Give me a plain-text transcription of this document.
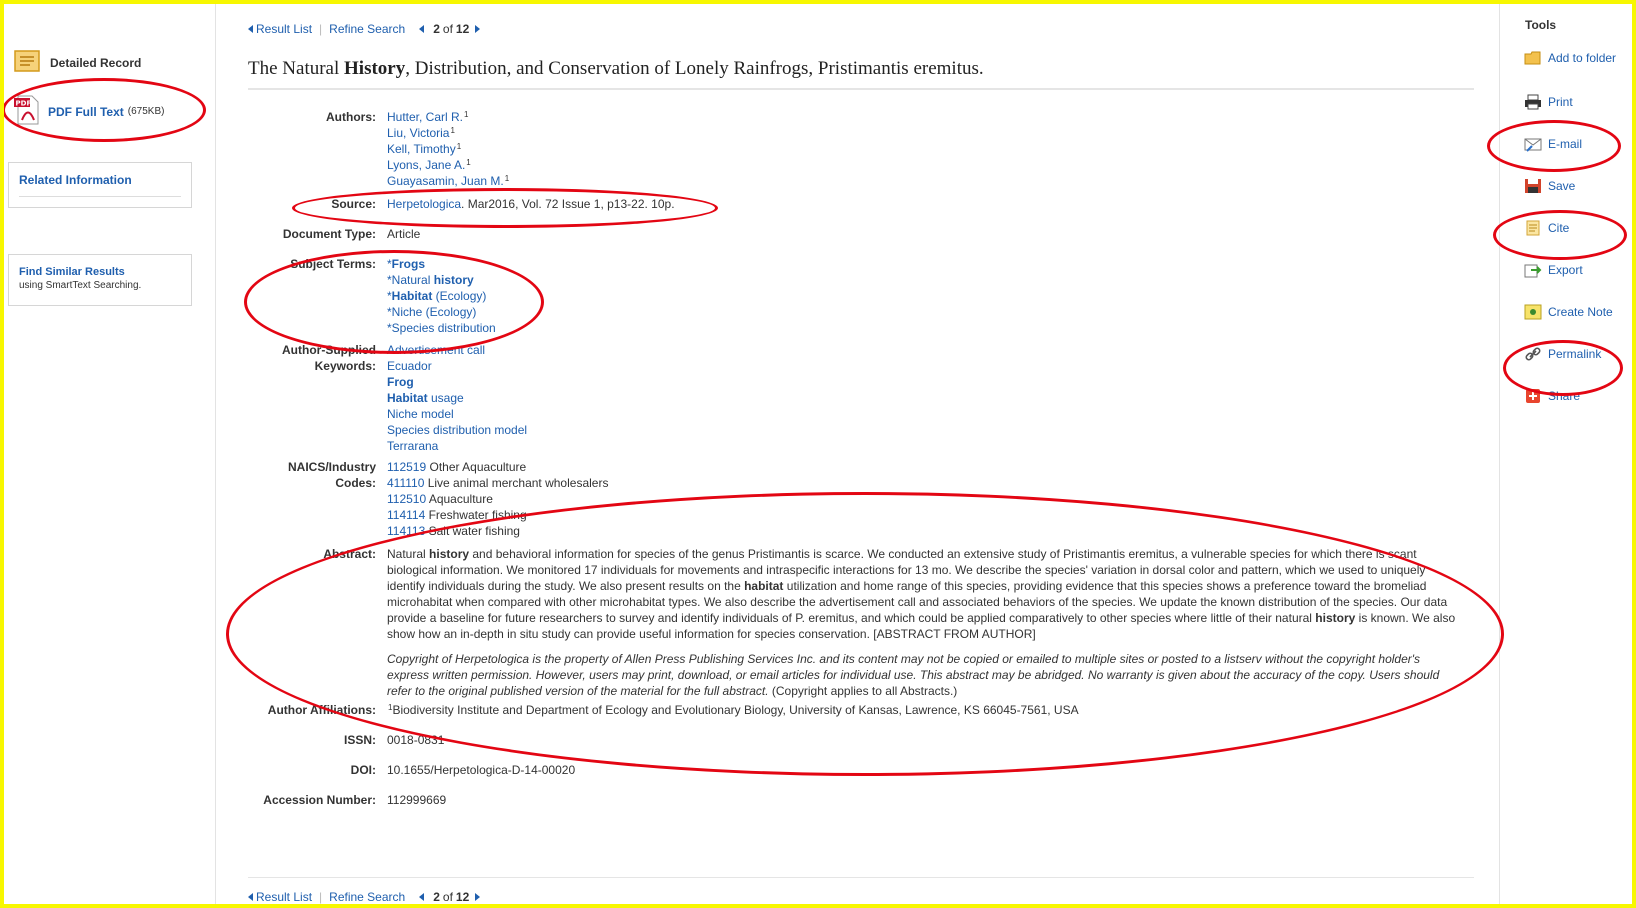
Detailed Record
PDF
PDF Full Text (675KB)
Related Information
Find Similar Results
using SmartText Searching.
Result List | Refine Search 2 of 12
The Natural History, Distribution, and Conservation of Lonely Rainfrogs, Pristimantis eremitus.
Authors: Hutter, Carl R.$^1$
Liu, Victoria$^1$
Kell, Timothy$^1$
Lyons, Jane A.$^1$
Guayasamin, Juan M.$^1$
Source: Herpetologica. Mar2016, Vol. 72 Issue 1, p13-22. 10p.
Document Type: Article
Subject Terms: *Frogs
*Natural history
*Habitat (Ecology)
*Niche (Ecology)
*Species distribution
Author-Supplied
Keywords:
Advertisement call
Ecuador
Frog
Habitat usage
Niche model
Species distribution model
Terrarana
NAICS/Industry
Codes:
112519 Other Aquaculture
411110 Live animal merchant wholesalers
112510 Aquaculture
114114 Freshwater fishing
114113 Salt water fishing
Abstract: Natural history and behavioral information for species of the genus Pristimantis is scarce. We conducted an extensive study of Pristimantis eremitus, a vulnerable species for which there is scant biological information. We monitored 17 individuals for movements and intraspecific interactions for 13 mo. We describe the species' variation in dorsal color and pattern, which we used to uniquely identify individuals during the study. We also present results on the habitat utilization and home range of this species, providing evidence that this species shows a preference toward the bromeliad microhabitat when compared with other microhabitat types. We also describe the advertisement call and associated behaviors of the species. We update the known distribution of the species. Our data provide a baseline for future researchers to survey and identify individuals of P. eremitus, and which could be applied comparatively to other species where little of their natural history is known. We also show how an in-depth in situ study can provide useful information for species conservation. [ABSTRACT FROM AUTHOR]
Copyright of Herpetologica is the property of Allen Press Publishing Services Inc. and its content may not be copied or emailed to multiple sites or posted to a listserv without the copyright holder's express written permission. However, users may print, download, or email articles for individual use. This abstract may be abridged. No warranty is given about the accuracy of the copy. Users should refer to the original published version of the material for the full abstract. (Copyright applies to all Abstracts.)
Author Affiliations: $^1$Biodiversity Institute and Department of Ecology and Evolutionary Biology, University of Kansas, Lawrence, KS 66045-7561, USA
ISSN: 0018-0831
DOI: 10.1655/Herpetologica-D-14-00020
Accession Number: 112999669
Result List | Refine Search 2 of 12
Tools
Add to folder
Print
E-mail
Save
Cite
Export
Create Note
Permalink
Share
